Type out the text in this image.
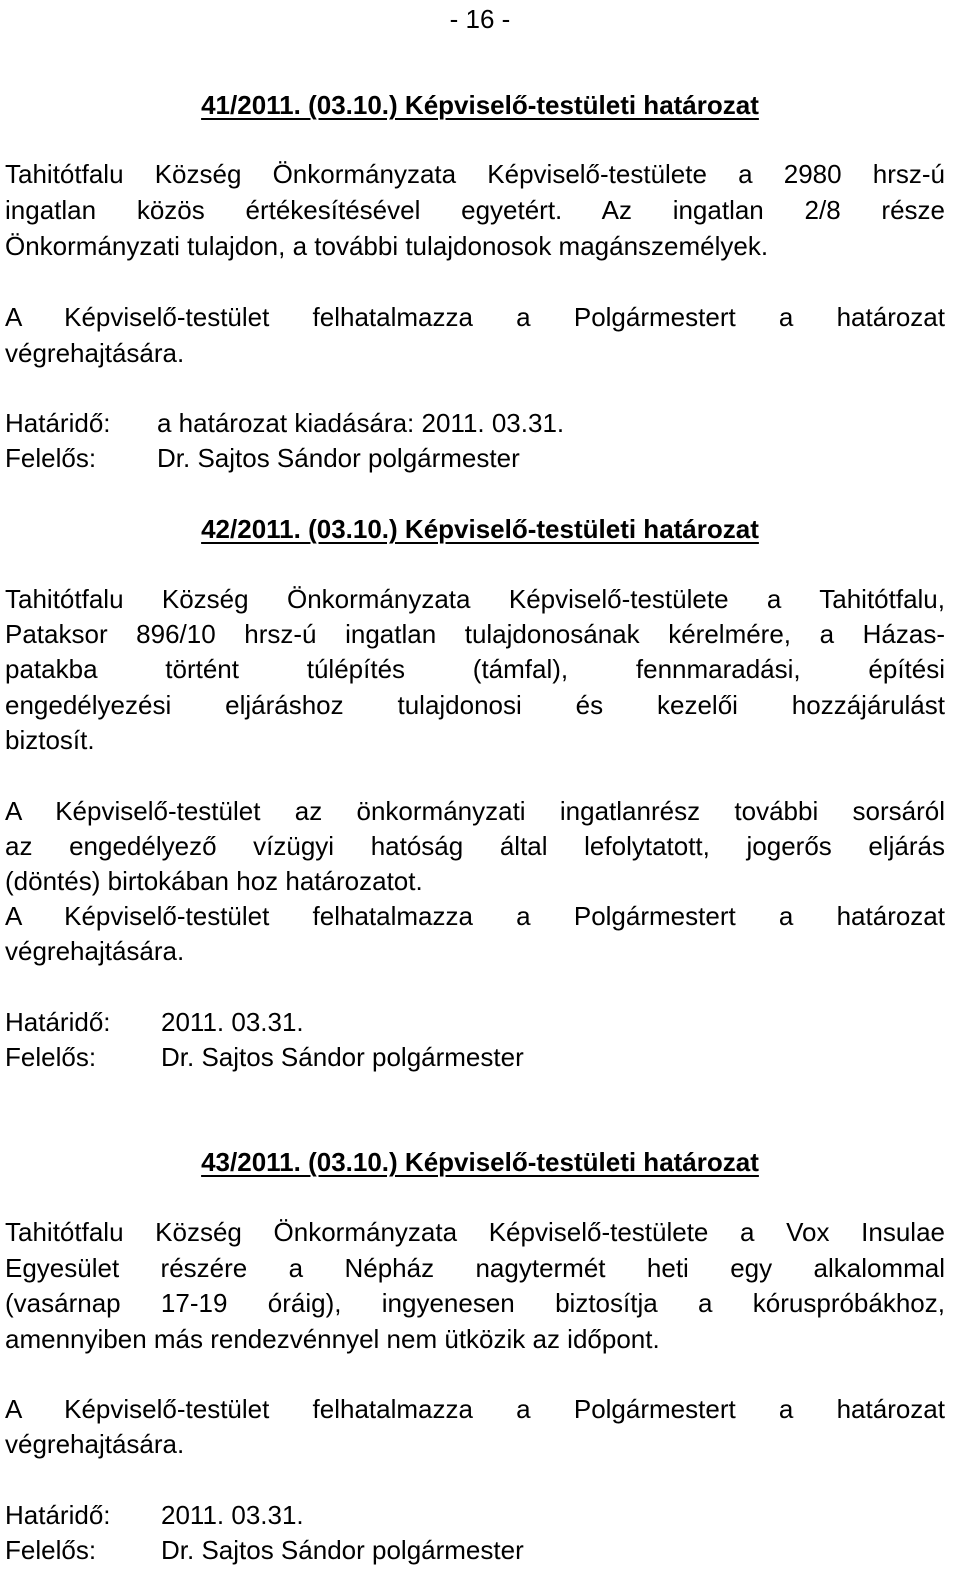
- 16 -
41/2011. (03.10.) Képviselő-testületi határozat
Tahitótfalu Község Önkormányzata Képviselő-testülete a 2980 hrsz-ú
ingatlan közös értékesítésével egyetért. Az ingatlan 2/8 része
Önkormányzati tulajdon, a további tulajdonosok magánszemélyek.
A Képviselő-testület felhatalmazza a Polgármestert a határozat
végrehajtására.
Határidő: a határozat kiadására: 2011. 03.31.
Felelős: Dr. Sajtos Sándor polgármester
42/2011. (03.10.) Képviselő-testületi határozat
Tahitótfalu Község Önkormányzata Képviselő-testülete a Tahitótfalu,
Pataksor 896/10 hrsz-ú ingatlan tulajdonosának kérelmére, a Házas-
patakba történt túlépítés (támfal), fennmaradási, építési
engedélyezési eljáráshoz tulajdonosi és kezelői hozzájárulást
biztosít.
A Képviselő-testület az önkormányzati ingatlanrész további sorsáról
az engedélyező vízügyi hatóság által lefolytatott, jogerős eljárás
(döntés) birtokában hoz határozatot.
A Képviselő-testület felhatalmazza a Polgármestert a határozat
végrehajtására.
Határidő: 2011. 03.31.
Felelős: Dr. Sajtos Sándor polgármester
43/2011. (03.10.) Képviselő-testületi határozat
Tahitótfalu Község Önkormányzata Képviselő-testülete a Vox Insulae
Egyesület részére a Népház nagytermét heti egy alkalommal
(vasárnap 17-19 óráig), ingyenesen biztosítja a kóruspróbákhoz,
amennyiben más rendezvénnyel nem ütközik az időpont.
A Képviselő-testület felhatalmazza a Polgármestert a határozat
végrehajtására.
Határidő: 2011. 03.31.
Felelős: Dr. Sajtos Sándor polgármester
